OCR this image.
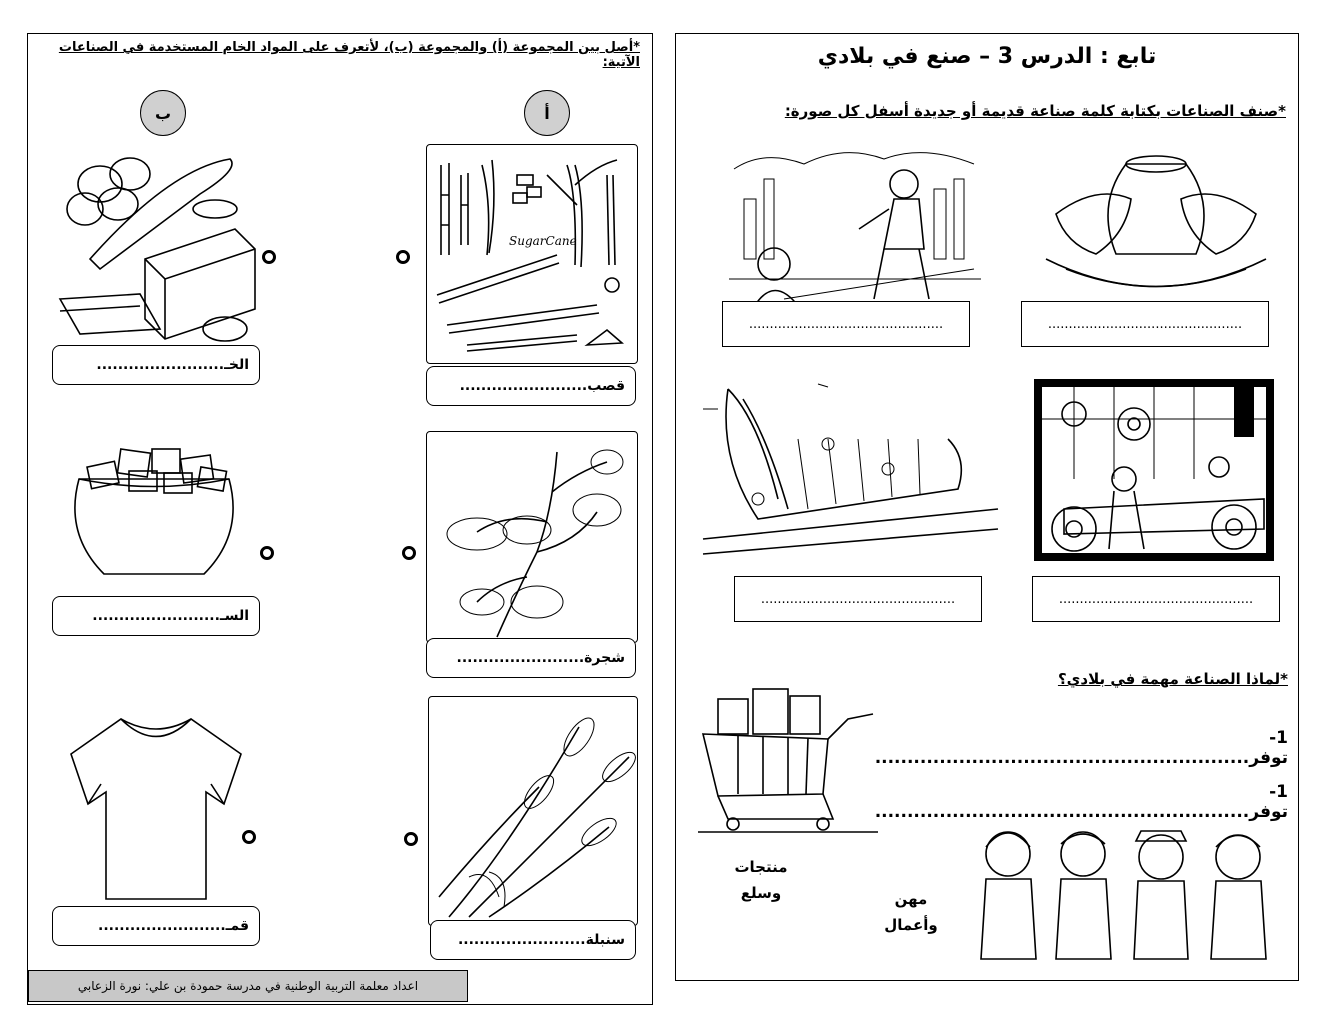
*أصل بين المجموعة (أ) والمجموعة (ب)، لأتعرف على المواد الخام المستخدمة في الصناعات الآتية:
ب	أ
SugarCane
قصب........................
شجرة........................
سنبلة........................
الخـ........................
السـ........................
قمـ........................
اعداد معلمة التربية الوطنية في مدرسة حمودة بن علي: نورة الزعابي
تابع : الدرس 3 – صنع في بلادي
*صنف الصناعات بكتابة كلمة صناعة قديمة أو جديدة أسفل كل صورة:
...............................................
...............................................
...............................................	...............................................
*لماذا الصناعة مهمة في بلادي؟
1- توفر..........................................................
1- توفر..........................................................
منتجات
وسلع	مهن
وأعمال
